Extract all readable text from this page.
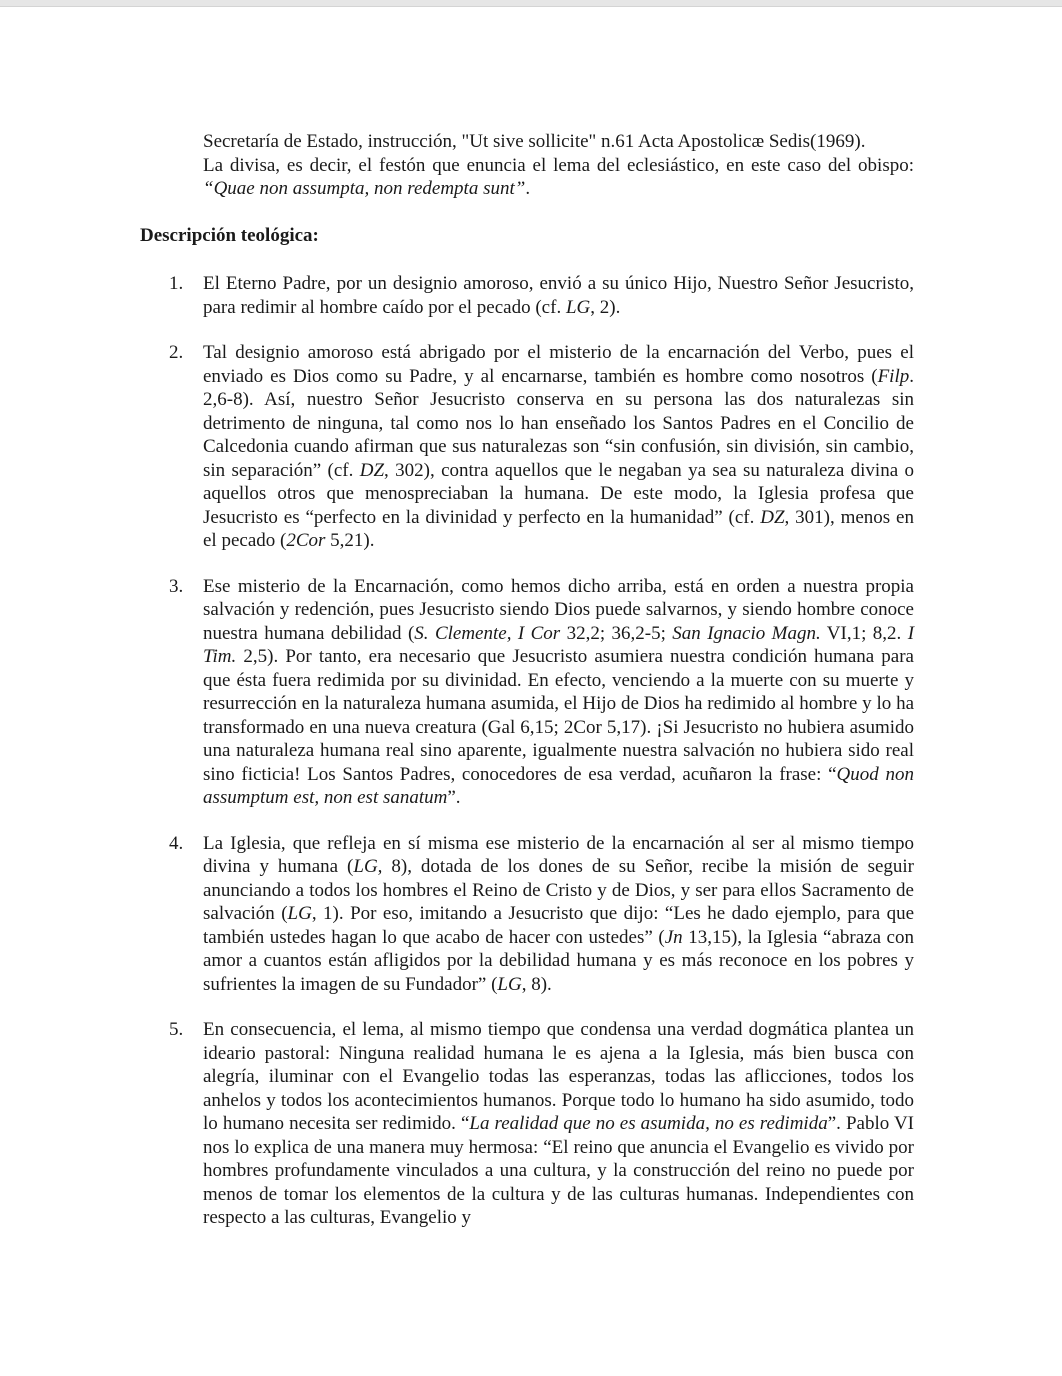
Secretaría de Estado, instrucción, "Ut sive sollicite" n.61 Acta Apostolicæ Sedis(1969).
La divisa, es decir, el festón que enuncia el lema del eclesiástico, en este caso del obispo: “Quae non assumpta, non redempta sunt”.

Descripción teológica:
1.	El Eterno Padre, por un designio amoroso, envió a su único Hijo, Nuestro Señor Jesucristo, para redimir al hombre caído por el pecado (cf. LG, 2).
2.	Tal designio amoroso está abrigado por el misterio de la encarnación del Verbo, pues el enviado es Dios como su Padre, y al encarnarse, también es hombre como nosotros (Filp. 2,6-8). Así, nuestro Señor Jesucristo conserva en su persona las dos naturalezas sin detrimento de ninguna, tal como nos lo han enseñado los Santos Padres en el Concilio de Calcedonia cuando afirman que sus naturalezas son “sin confusión, sin división, sin cambio, sin separación” (cf. DZ, 302), contra aquellos que le negaban ya sea su naturaleza divina o aquellos otros que menospreciaban la humana. De este modo, la Iglesia profesa que Jesucristo es “perfecto en la divinidad y perfecto en la humanidad” (cf. DZ, 301), menos en el pecado (2Cor 5,21).
3.	Ese misterio de la Encarnación, como hemos dicho arriba, está en orden a nuestra propia salvación y redención, pues Jesucristo siendo Dios puede salvarnos, y siendo hombre conoce nuestra humana debilidad (S. Clemente, I Cor 32,2; 36,2-5; San Ignacio Magn. VI,1; 8,2. I Tim. 2,5). Por tanto, era necesario que Jesucristo asumiera nuestra condición humana para que ésta fuera redimida por su divinidad. En efecto, venciendo a la muerte con su muerte y resurrección en la naturaleza humana asumida, el Hijo de Dios ha redimido al hombre y lo ha transformado en una nueva creatura (Gal 6,15; 2Cor 5,17). ¡Si Jesucristo no hubiera asumido una naturaleza humana real sino aparente, igualmente nuestra salvación no hubiera sido real sino ficticia! Los Santos Padres, conocedores de esa verdad, acuñaron la frase: “Quod non assumptum est, non est sanatum”.
4.	La Iglesia, que refleja en sí misma ese misterio de la encarnación al ser al mismo tiempo divina y humana (LG, 8), dotada de los dones de su Señor, recibe la misión de seguir anunciando a todos los hombres el Reino de Cristo y de Dios, y ser para ellos Sacramento de salvación (LG, 1). Por eso, imitando a Jesucristo que dijo: “Les he dado ejemplo, para que también ustedes hagan lo que acabo de hacer con ustedes” (Jn 13,15), la Iglesia “abraza con amor a cuantos están afligidos por la debilidad humana y es más reconoce en los pobres y sufrientes la imagen de su Fundador” (LG, 8).
5.	En consecuencia, el lema, al mismo tiempo que condensa una verdad dogmática plantea un ideario pastoral: Ninguna realidad humana le es ajena a la Iglesia, más bien busca con alegría, iluminar con el Evangelio todas las esperanzas, todas las aflicciones, todos los anhelos y todos los acontecimientos humanos. Porque todo lo humano ha sido asumido, todo lo humano necesita ser redimido. “La realidad que no es asumida, no es redimida”. Pablo VI nos lo explica de una manera muy hermosa: “El reino que anuncia el Evangelio es vivido por hombres profundamente vinculados a una cultura, y la construcción del reino no puede por menos de tomar los elementos de la cultura y de las culturas humanas. Independientes con respecto a las culturas, Evangelio y
